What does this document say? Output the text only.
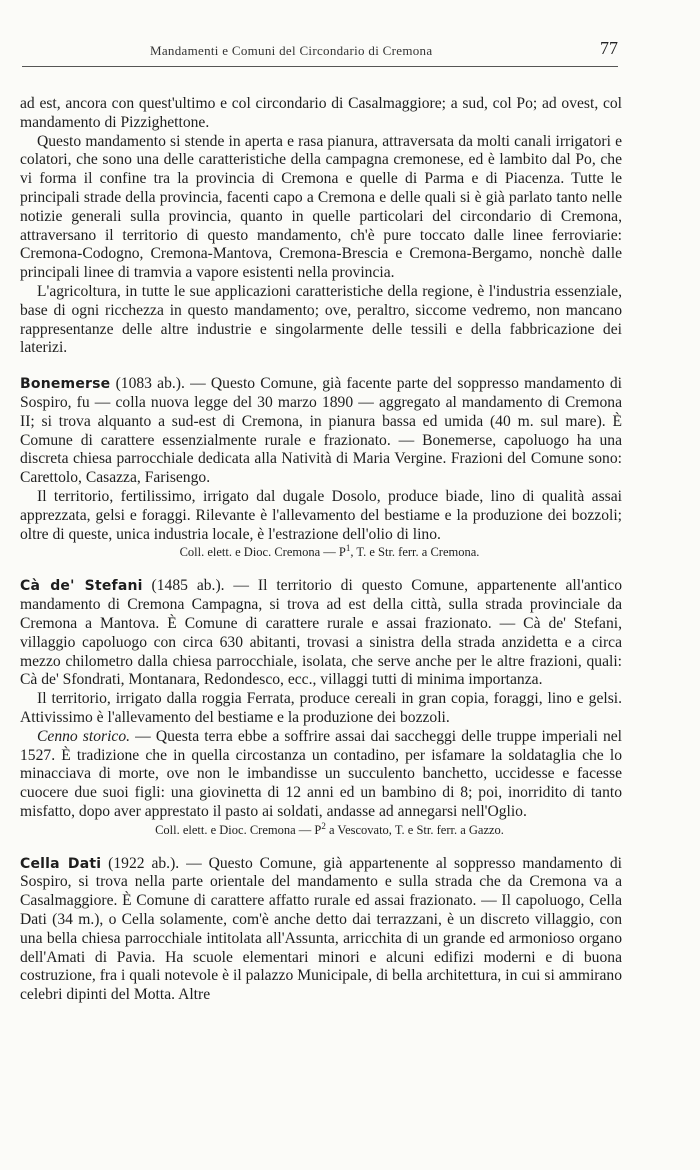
Mandamenti e Comuni del Circondario di Cremona	77

ad est, ancora con quest'ultimo e col circondario di Casalmaggiore; a sud, col Po; ad ovest, col mandamento di Pizzighettone.

Questo mandamento si stende in aperta e rasa pianura, attraversata da molti canali irrigatori e colatori, che sono una delle caratteristiche della campagna cremonese, ed è lambito dal Po, che vi forma il confine tra la provincia di Cremona e quelle di Parma e di Piacenza. Tutte le principali strade della provincia, facenti capo a Cremona e delle quali si è già parlato tanto nelle notizie generali sulla provincia, quanto in quelle particolari del circondario di Cremona, attraversano il territorio di questo mandamento, ch'è pure toccato dalle linee ferroviarie: Cremona-Codogno, Cremona-Mantova, Cremona-Brescia e Cremona-Bergamo, nonchè dalle principali linee di tramvia a vapore esistenti nella provincia.

L'agricoltura, in tutte le sue applicazioni caratteristiche della regione, è l'industria essenziale, base di ogni ricchezza in questo mandamento; ove, peraltro, siccome vedremo, non mancano rappresentanze delle altre industrie e singolarmente delle tessili e della fabbricazione dei laterizi.

Bonemerse (1083 ab.). — Questo Comune, già facente parte del soppresso mandamento di Sospiro, fu — colla nuova legge del 30 marzo 1890 — aggregato al mandamento di Cremona II; si trova alquanto a sud-est di Cremona, in pianura bassa ed umida (40 m. sul mare). È Comune di carattere essenzialmente rurale e frazionato. — Bonemerse, capoluogo ha una discreta chiesa parrocchiale dedicata alla Natività di Maria Vergine. Frazioni del Comune sono: Carettolo, Casazza, Farisengo.

Il territorio, fertilissimo, irrigato dal dugale Dosolo, produce biade, lino di qualità assai apprezzata, gelsi e foraggi. Rilevante è l'allevamento del bestiame e la produzione dei bozzoli; oltre di queste, unica industria locale, è l'estrazione dell'olio di lino.

Coll. elett. e Dioc. Cremona — $P^1$, T. e Str. ferr. a Cremona.

Cà de' Stefani (1485 ab.). — Il territorio di questo Comune, appartenente all'antico mandamento di Cremona Campagna, si trova ad est della città, sulla strada provinciale da Cremona a Mantova. È Comune di carattere rurale e assai frazionato. — Cà de' Stefani, villaggio capoluogo con circa 630 abitanti, trovasi a sinistra della strada anzidetta e a circa mezzo chilometro dalla chiesa parrocchiale, isolata, che serve anche per le altre frazioni, quali: Cà de' Sfondrati, Montanara, Redondesco, ecc., villaggi tutti di minima importanza.

Il territorio, irrigato dalla roggia Ferrata, produce cereali in gran copia, foraggi, lino e gelsi. Attivissimo è l'allevamento del bestiame e la produzione dei bozzoli.

Cenno storico. — Questa terra ebbe a soffrire assai dai saccheggi delle truppe imperiali nel 1527. È tradizione che in quella circostanza un contadino, per isfamare la soldataglia che lo minacciava di morte, ove non le imbandisse un succulento banchetto, uccidesse e facesse cuocere due suoi figli: una giovinetta di 12 anni ed un bambino di 8; poi, inorridito di tanto misfatto, dopo aver apprestato il pasto ai soldati, andasse ad annegarsi nell'Oglio.

Coll. elett. e Dioc. Cremona — $P^2$ a Vescovato, T. e Str. ferr. a Gazzo.

Cella Dati (1922 ab.). — Questo Comune, già appartenente al soppresso mandamento di Sospiro, si trova nella parte orientale del mandamento e sulla strada che da Cremona va a Casalmaggiore. È Comune di carattere affatto rurale ed assai frazionato. — Il capoluogo, Cella Dati (34 m.), o Cella solamente, com'è anche detto dai terrazzani, è un discreto villaggio, con una bella chiesa parrocchiale intitolata all'Assunta, arricchita di un grande ed armonioso organo dell'Amati di Pavia. Ha scuole elementari minori e alcuni edifizi moderni e di buona costruzione, fra i quali notevole è il palazzo Municipale, di bella architettura, in cui si ammirano celebri dipinti del Motta. Altre
